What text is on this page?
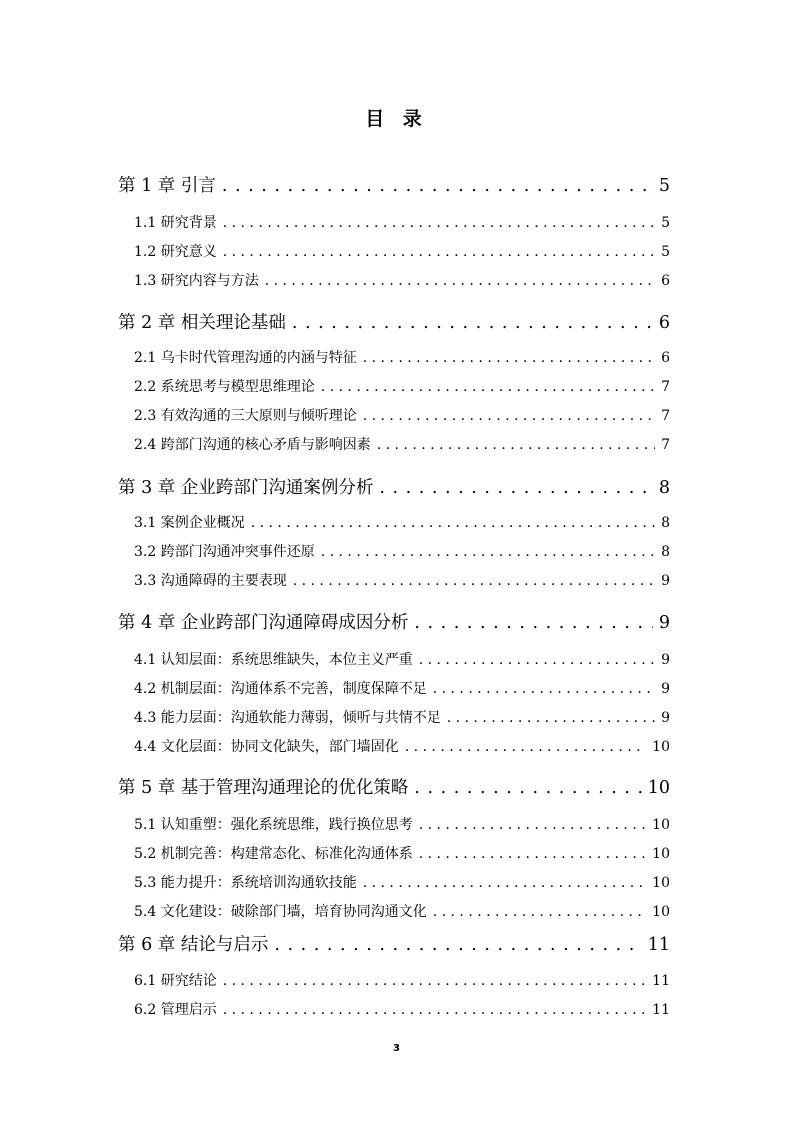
目 录
第 1 章 引言 . . .	5
1.1 研究背景 . . .	5
1.2 研究意义 . . .	5
1.3 研究内容与方法 . . .	6
第 2 章 相关理论基础 . . .	6
2.1 乌卡时代管理沟通的内涵与特征 . . .	6
2.2 系统思考与模型思维理论 . . .	7
2.3 有效沟通的三大原则与倾听理论 . . .	7
2.4 跨部门沟通的核心矛盾与影响因素 . . .	7
第 3 章 企业跨部门沟通案例分析 . . .	8
3.1 案例企业概况 . . .	8
3.2 跨部门沟通冲突事件还原 . . .	8
3.3 沟通障碍的主要表现 . . .	9
第 4 章 企业跨部门沟通障碍成因分析 . . .	9
4.1 认知层面：系统思维缺失，本位主义严重 . . .	9
4.2 机制层面：沟通体系不完善，制度保障不足 . . .	9
4.3 能力层面：沟通软能力薄弱，倾听与共情不足 . . .	9
4.4 文化层面：协同文化缺失，部门墙固化 . . .	10
第 5 章 基于管理沟通理论的优化策略 . . .	10
5.1 认知重塑：强化系统思维，践行换位思考 . . .	10
5.2 机制完善：构建常态化、标准化沟通体系 . . .	10
5.3 能力提升：系统培训沟通软技能 . . .	10
5.4 文化建设：破除部门墙，培育协同沟通文化 . . .	10
第 6 章 结论与启示 . . .	11
6.1 研究结论 . . .	11
6.2 管理启示 . . .	11
3
